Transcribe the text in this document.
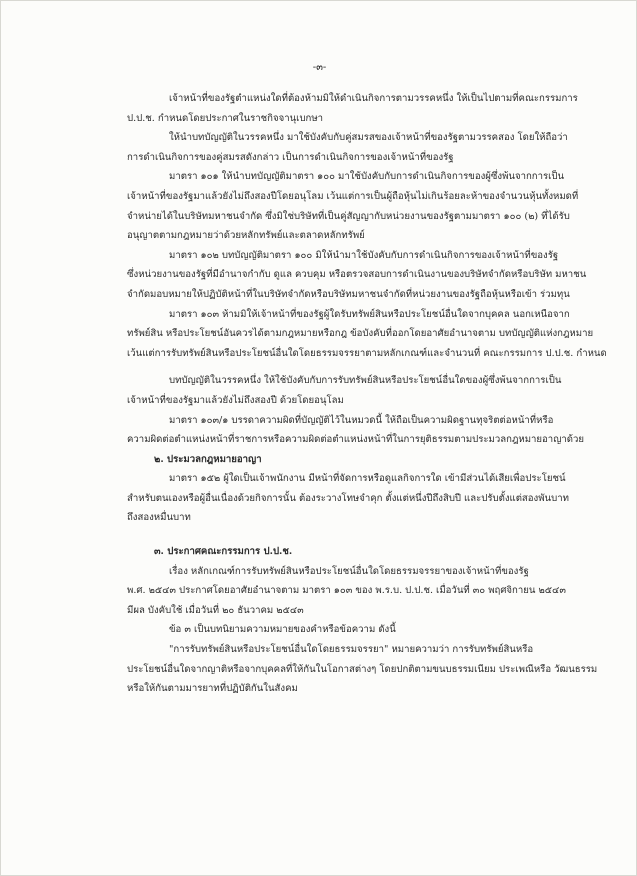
-๓-
เจ้าหน้าที่ของรัฐตำแหน่งใดที่ต้องห้ามมิให้ดำเนินกิจการตามวรรคหนึ่ง ให้เป็นไปตามที่คณะกรรมการ
ป.ป.ช. กำหนดโดยประกาศในราชกิจจานุเบกษา
ให้นำบทบัญญัติในวรรคหนึ่ง มาใช้บังคับกับคู่สมรสของเจ้าหน้าที่ของรัฐตามวรรคสอง โดยให้ถือว่า
การดำเนินกิจการของคู่สมรสดังกล่าว เป็นการดำเนินกิจการของเจ้าหน้าที่ของรัฐ
มาตรา ๑๐๑ ให้นำบทบัญญัติมาตรา ๑๐๐ มาใช้บังคับกับการดำเนินกิจการของผู้ซึ่งพ้นจากการเป็น
เจ้าหน้าที่ของรัฐมาแล้วยังไม่ถึงสองปีโดยอนุโลม เว้นแต่การเป็นผู้ถือหุ้นไม่เกินร้อยละห้าของจำนวนหุ้นทั้งหมดที่
จำหน่ายได้ในบริษัทมหาชนจำกัด ซึ่งมิใช่บริษัทที่เป็นคู่สัญญากับหน่วยงานของรัฐตามมาตรา ๑๐๐ (๒) ที่ได้รับ
อนุญาตตามกฎหมายว่าด้วยหลักทรัพย์และตลาดหลักทรัพย์
มาตรา ๑๐๒ บทบัญญัติมาตรา ๑๐๐ มิให้นำมาใช้บังคับกับการดำเนินกิจการของเจ้าหน้าที่ของรัฐ
ซึ่งหน่วยงานของรัฐที่มีอำนาจกำกับ ดูแล ควบคุม หรือตรวจสอบการดำเนินงานของบริษัทจำกัดหรือบริษัท มหาชน
จำกัดมอบหมายให้ปฏิบัติหน้าที่ในบริษัทจำกัดหรือบริษัทมหาชนจำกัดที่หน่วยงานของรัฐถือหุ้นหรือเข้า ร่วมทุน
มาตรา ๑๐๓ ห้ามมิให้เจ้าหน้าที่ของรัฐผู้ใดรับทรัพย์สินหรือประโยชน์อื่นใดจากบุคคล นอกเหนือจาก
ทรัพย์สิน หรือประโยชน์อันควรได้ตามกฎหมายหรือกฎ ข้อบังคับที่ออกโดยอาศัยอำนาจตาม บทบัญญัติแห่งกฎหมาย
เว้นแต่การรับทรัพย์สินหรือประโยชน์อื่นใดโดยธรรมจรรยาตามหลักเกณฑ์และจำนวนที่ คณะกรรมการ ป.ป.ช. กำหนด
บทบัญญัติในวรรคหนึ่ง ให้ใช้บังคับกับการรับทรัพย์สินหรือประโยชน์อื่นใดของผู้ซึ่งพ้นจากการเป็น
เจ้าหน้าที่ของรัฐมาแล้วยังไม่ถึงสองปี ด้วยโดยอนุโลม
มาตรา ๑๐๓/๑ บรรดาความผิดที่บัญญัติไว้ในหมวดนี้ ให้ถือเป็นความผิดฐานทุจริตต่อหน้าที่หรือ
ความผิดต่อตำแหน่งหน้าที่ราชการหรือความผิดต่อตำแหน่งหน้าที่ในการยุติธรรมตามประมวลกฎหมายอาญาด้วย
๒. ประมวลกฎหมายอาญา
มาตรา ๑๕๒ ผู้ใดเป็นเจ้าพนักงาน มีหน้าที่จัดการหรือดูแลกิจการใด เข้ามีส่วนได้เสียเพื่อประโยชน์
สำหรับตนเองหรือผู้อื่นเนื่องด้วยกิจการนั้น ต้องระวางโทษจำคุก ตั้งแต่หนึ่งปีถึงสิบปี และปรับตั้งแต่สองพันบาท
ถึงสองหมื่นบาท
๓. ประกาศคณะกรรมการ ป.ป.ช.
เรื่อง หลักเกณฑ์การรับทรัพย์สินหรือประโยชน์อื่นใดโดยธรรมจรรยาของเจ้าหน้าที่ของรัฐ
พ.ศ. ๒๕๔๓ ประกาศโดยอาศัยอำนาจตาม มาตรา ๑๐๓ ของ พ.ร.บ. ป.ป.ช. เมื่อวันที่ ๓๐ พฤศจิกายน ๒๕๔๓
มีผล บังคับใช้ เมื่อวันที่ ๒๐ ธันวาคม ๒๕๔๓
ข้อ ๓ เป็นบทนิยามความหมายของคำหรือข้อความ ดังนี้
"การรับทรัพย์สินหรือประโยชน์อื่นใดโดยธรรมจรรยา" หมายความว่า การรับทรัพย์สินหรือ
ประโยชน์อื่นใดจากญาติหรือจากบุคคลที่ให้กันในโอกาสต่างๆ โดยปกติตามขนบธรรมเนียม ประเพณีหรือ วัฒนธรรม
หรือให้กันตามมารยาทที่ปฏิบัติกันในสังคม
